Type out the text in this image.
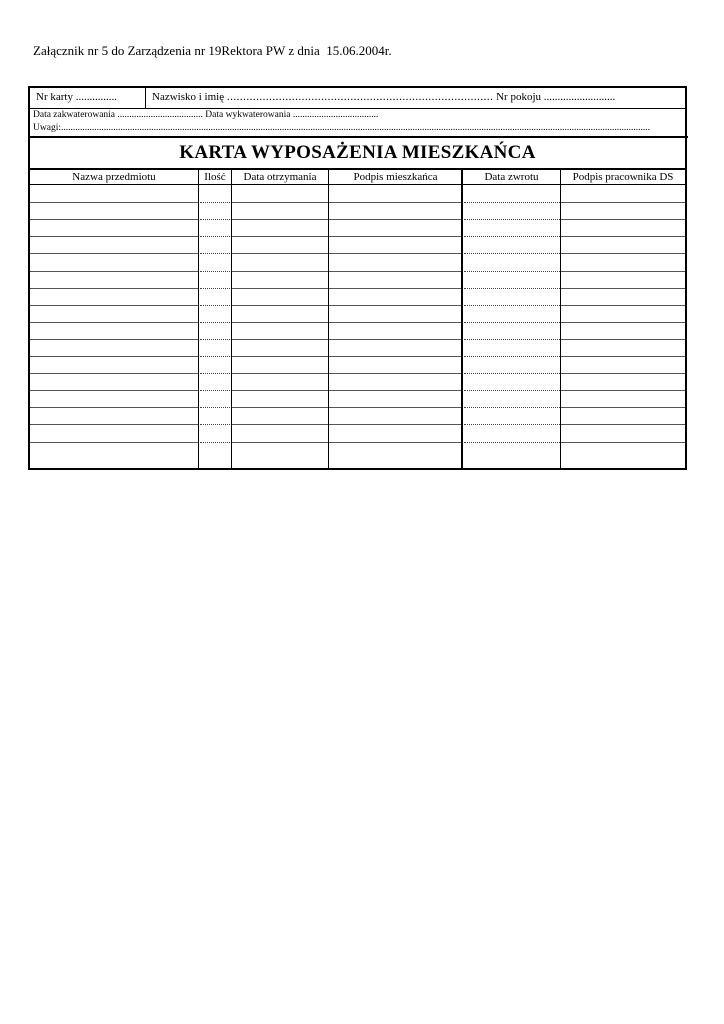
Załącznik nr 5 do Zarządzenia nr 19Rektora PW z dnia  15.06.2004r.
Nr karty ...............	Nazwisko i imię .................................................................................. Nr pokoju ..........................
Data zakwaterowania .................................... Data wykwaterowania ....................................
Uwagi:........................................................................................................................................................................................................................................................
KARTA WYPOSAŻENIA MIESZKAŃCA
Nazwa przedmiotu	Ilość	Data otrzymania	Podpis mieszkańca	Data zwrotu	Podpis pracownika DS
